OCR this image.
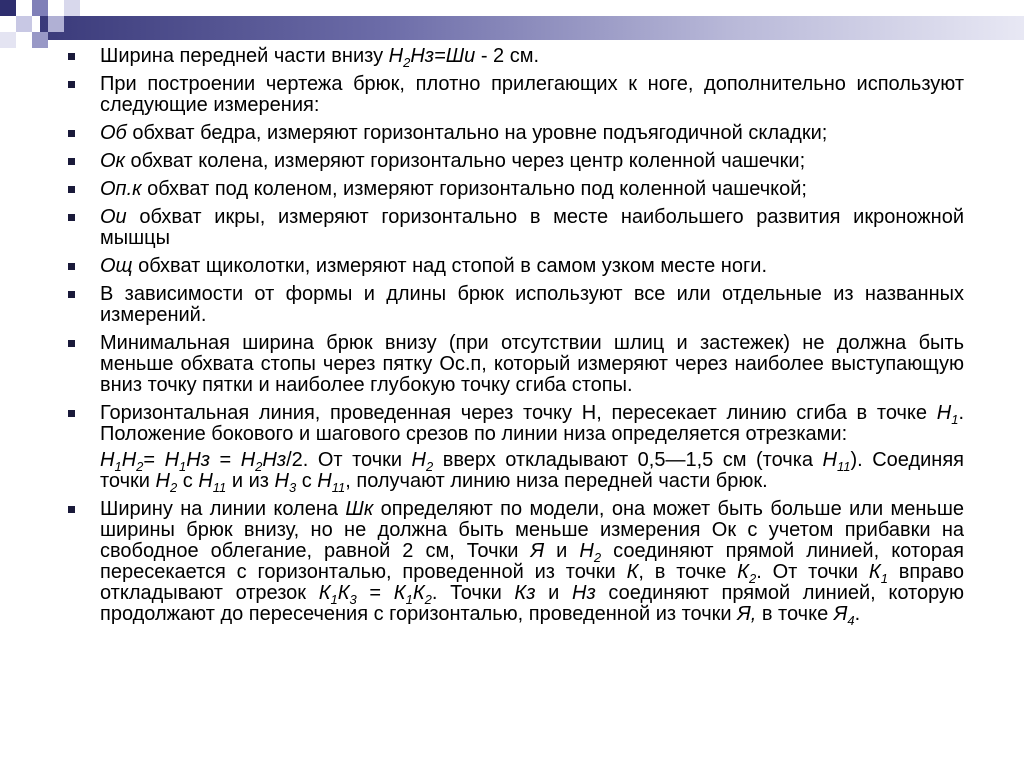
Ширина передней части внизу $Н_2Нз=Ши - 2$ см.
При построении чертежа брюк, плотно прилегающих к ноге, дополнительно используют следующие измерения:
Об обхват бедра, измеряют горизонтально на уровне подъягодичной складки;
Ок обхват колена, измеряют горизонтально через центр коленной чашечки;
Оп.к обхват под коленом, измеряют горизонтально под коленной чашечкой;
Ои обхват икры, измеряют горизонтально в месте наибольшего развития икроножной мышцы
Ощ обхват щиколотки, измеряют над стопой в самом узком месте ноги.
В зависимости от формы и длины брюк используют все или отдельные из названных измерений.
Минимальная ширина брюк внизу (при отсутствии шлиц и застежек) не должна быть меньше обхвата стопы через пятку Ос.п, который измеряют через наиболее выступающую вниз точку пятки и наиболее глубокую точку сгиба стопы.
Горизонтальная линия, проведенная через точку Н, пересекает линию сгиба в точке $Н_1$. Положение бокового и шагового срезов по линии низа определяется отрезками:
$Н_1Н_2= Н_1Нз = Н_2Нз/2$. От точки $Н_2$ вверх откладывают 0,5—1,5 см (точка $Н_{11}$). Соединяя точки $Н_2$ с $Н_{11}$ и из $Н_3$ с $Н_{11}$, получают линию низа передней части брюк.
Ширину на линии колена Шк определяют по модели, она может быть больше или меньше ширины брюк внизу, но не должна быть меньше измерения Ок с учетом прибавки на свободное облегание, равной 2 см, Точки Я и $Н_2$ соединяют прямой линией, которая пересекается с горизонталью, проведенной из точки К, в точке $К_2$. От точки $К_1$ вправо откладывают отрезок $К_1К_3 = К_1К_2$. Точки Кз и Нз соединяют прямой линией, которую продолжают до пересечения с горизонталью, проведенной из точки Я, в точке $Я_4$.
